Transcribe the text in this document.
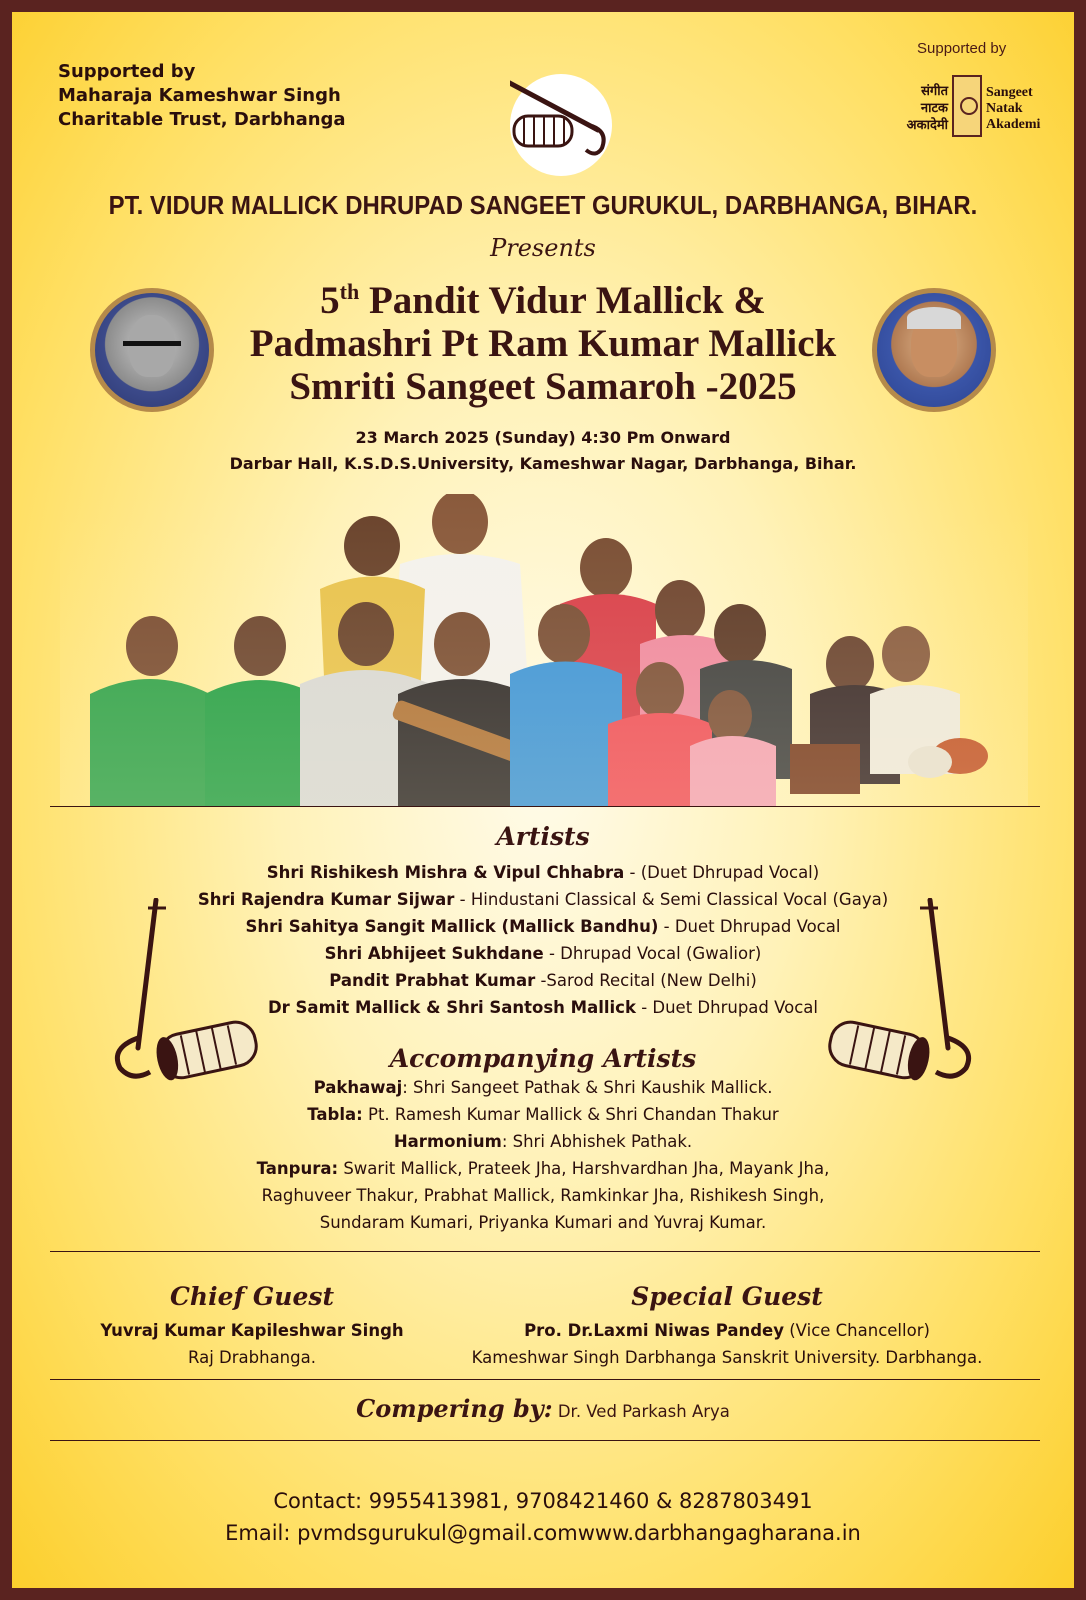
Supported by
Maharaja Kameshwar Singh
Charitable Trust, Darbhanga
Supported by
संगीत
नाटक
अकादेमी
Sangeet
Natak
Akademi
PT. VIDUR MALLICK DHRUPAD SANGEET GURUKUL, DARBHANGA, BIHAR.
Presents
5th Pandit Vidur Mallick &
Padmashri Pt Ram Kumar Mallick
Smriti Sangeet Samaroh -2025
23 March 2025 (Sunday) 4:30 Pm Onward
Darbar Hall, K.S.D.S.University, Kameshwar Nagar, Darbhanga, Bihar.
Artists
Shri Rishikesh Mishra & Vipul Chhabra - (Duet Dhrupad Vocal)
Shri Rajendra Kumar Sijwar - Hindustani Classical & Semi Classical Vocal (Gaya)
Shri Sahitya Sangit Mallick (Mallick Bandhu) - Duet Dhrupad Vocal
Shri Abhijeet Sukhdane - Dhrupad Vocal (Gwalior)
Pandit Prabhat Kumar -Sarod Recital (New Delhi)
Dr Samit Mallick & Shri Santosh Mallick - Duet Dhrupad Vocal
Accompanying Artists
Pakhawaj: Shri Sangeet Pathak & Shri Kaushik Mallick.
Tabla: Pt. Ramesh Kumar Mallick & Shri Chandan Thakur
Harmonium: Shri Abhishek Pathak.
Tanpura: Swarit Mallick, Prateek Jha, Harshvardhan Jha, Mayank Jha,
Raghuveer Thakur, Prabhat Mallick, Ramkinkar Jha, Rishikesh Singh,
Sundaram Kumari, Priyanka Kumari and Yuvraj Kumar.
Chief Guest
Yuvraj Kumar Kapileshwar Singh
Raj Drabhanga.
Special Guest
Pro. Dr.Laxmi Niwas Pandey (Vice Chancellor)
Kameshwar Singh Darbhanga Sanskrit University. Darbhanga.
Compering by: Dr. Ved Parkash Arya
Contact: 9955413981, 9708421460 & 8287803491
Email: pvmdsgurukul@gmail.comwww.darbhangagharana.in
